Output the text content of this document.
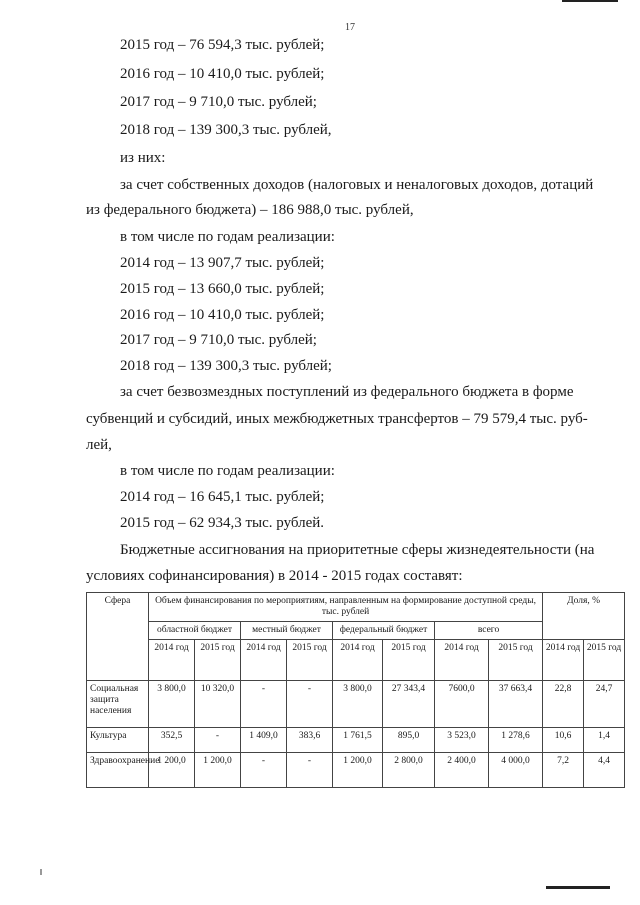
17
2015 год – 76 594,3 тыс. рублей;
2016 год – 10 410,0 тыс. рублей;
2017 год – 9 710,0 тыс. рублей;
2018 год – 139 300,3 тыс. рублей,
из них:
за счет собственных доходов (налоговых и неналоговых доходов, дотаций
из федерального бюджета) – 186 988,0 тыс. рублей,
в том числе по годам реализации:
2014 год – 13 907,7 тыс. рублей;
2015 год – 13 660,0 тыс. рублей;
2016 год – 10 410,0 тыс. рублей;
2017 год – 9 710,0 тыс. рублей;
2018 год – 139 300,3 тыс. рублей;
за счет безвозмездных поступлений из федерального бюджета в форме
субвенций и субсидий, иных межбюджетных трансфертов – 79 579,4 тыс. руб-
лей,
в том числе по годам реализации:
2014 год – 16 645,1 тыс. рублей;
2015 год – 62 934,3 тыс. рублей.
Бюджетные ассигнования на приоритетные сферы жизнедеятельности (на
условиях софинансирования) в 2014 - 2015 годах составят:
Сфера	Объем финансирования по мероприятиям, направленным на формирование доступной среды, тыс. рублей								Доля, %	
	областной бюджет		местный бюджет		федеральный бюджет		всего			
	2014 год	2015 год	2014 год	2015 год	2014 год	2015 год	2014 год	2015 год	2014 год	2015 год
Социальная защита населения	3 800,0	10 320,0	-	-	3 800,0	27 343,4	7600,0	37 663,4	22,8	24,7
Культура	352,5	-	1 409,0	383,6	1 761,5	895,0	3 523,0	1 278,6	10,6	1,4
Здравоохранение	1 200,0	1 200,0	-	-	1 200,0	2 800,0	2 400,0	4 000,0	7,2	4,4
